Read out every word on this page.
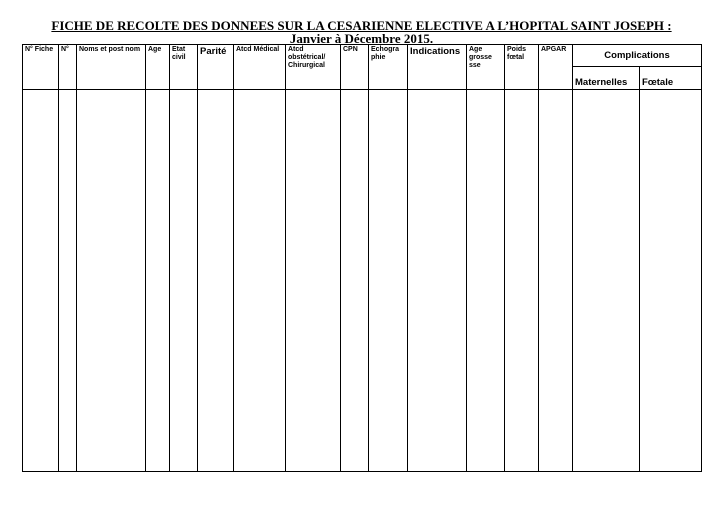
FICHE DE RECOLTE DES DONNEES SUR LA CESARIENNE ELECTIVE A L’HOPITAL SAINT JOSEPH :
Janvier à Décembre 2015.
N° Fiche	N°	Noms et post nom	Age	Etat civil	Parité	Atcd Médical	Atcd obstétrical/ Chirurgical	CPN	Echogra phie	Indications	Age grosse sse	Poids fœtal	APGAR	Complications	
														Maternelles	Fœtale
